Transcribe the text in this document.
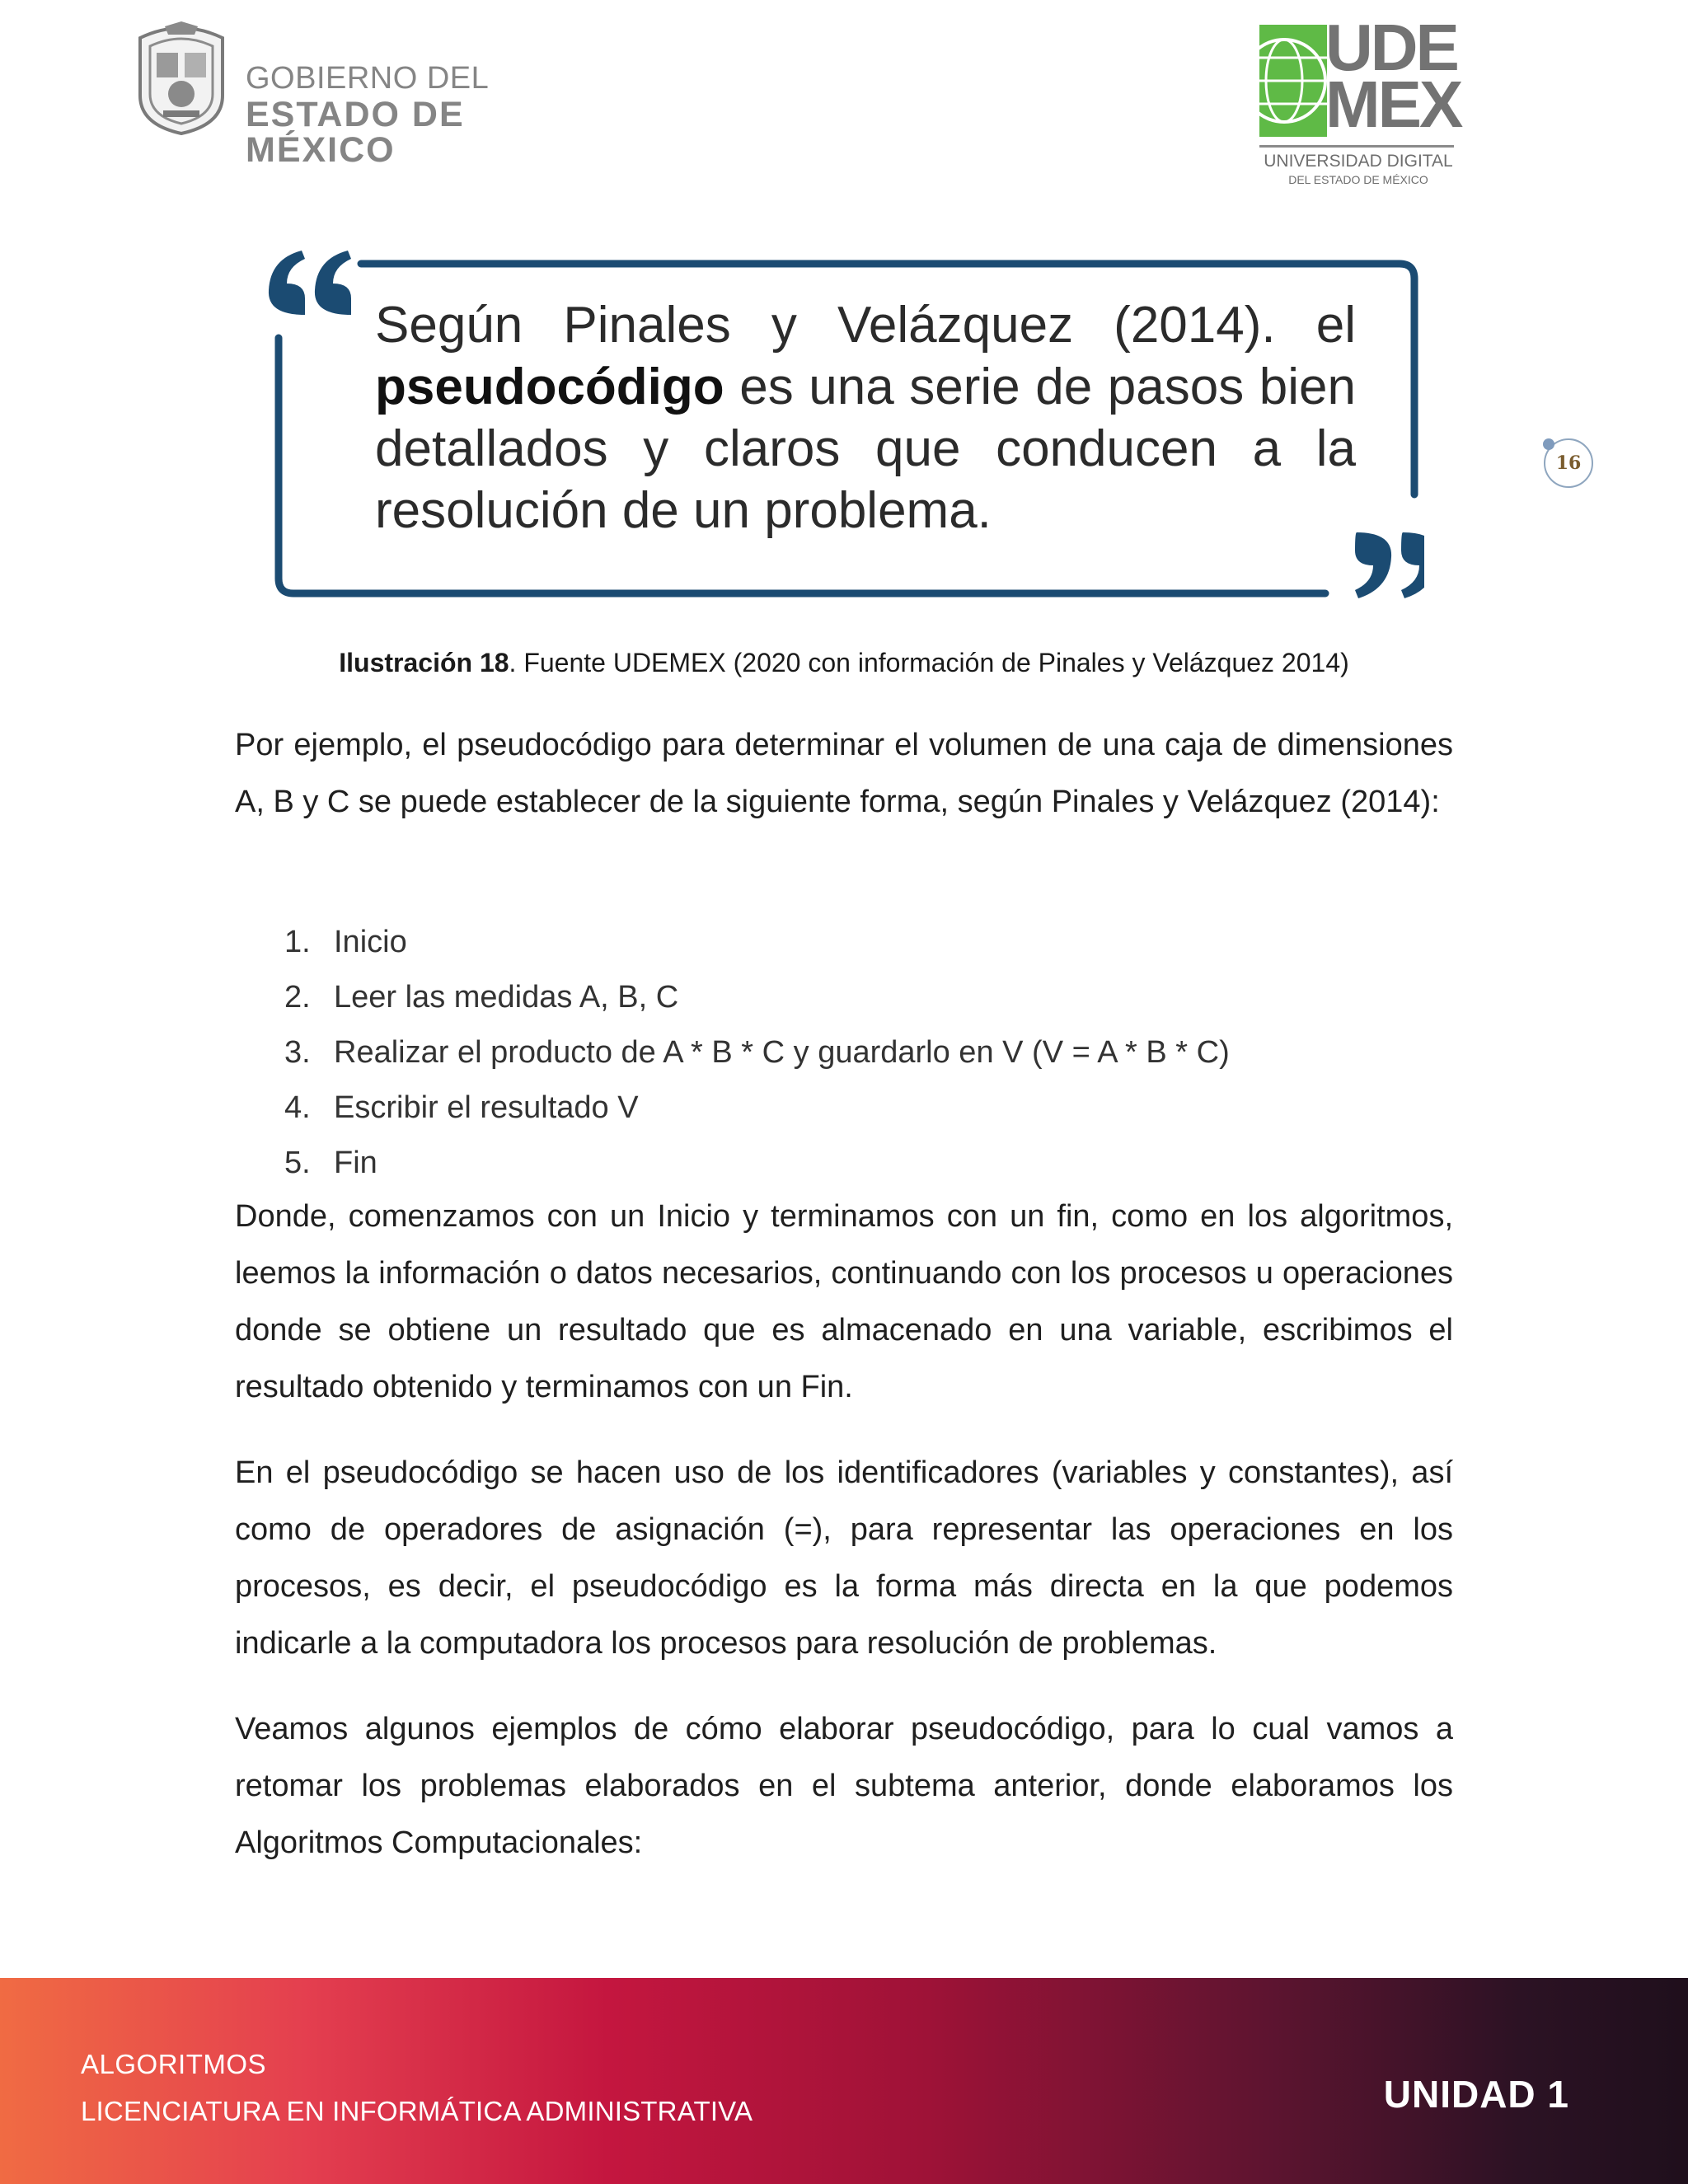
GOBIERNO DEL
ESTADO DE MÉXICO
UDE
MEX
UNIVERSIDAD DIGITAL
DEL ESTADO DE MÉXICO
Según Pinales y Velázquez (2014). el pseudocódigo es una serie de pasos bien detallados y claros que conducen a la resolución de un problema.
Ilustración 18. Fuente UDEMEX (2020 con información de Pinales y Velázquez 2014)
16

Por ejemplo, el pseudocódigo para determinar el volumen de una caja de dimensiones A, B y C se puede establecer de la siguiente forma, según Pinales y Velázquez (2014):

1. Inicio
2. Leer las medidas A, B, C
3. Realizar el producto de A * B * C y guardarlo en V (V = A * B * C)
4. Escribir el resultado V
5. Fin

Donde, comenzamos con un Inicio y terminamos con un fin, como en los algoritmos, leemos la información o datos necesarios, continuando con los procesos u operaciones donde se obtiene un resultado que es almacenado en una variable, escribimos el resultado obtenido y terminamos con un Fin.

En el pseudocódigo se hacen uso de los identificadores (variables y constantes), así como de operadores de asignación (=), para representar las operaciones en los procesos, es decir, el pseudocódigo es la forma más directa en la que podemos indicarle a la computadora los procesos para resolución de problemas.

Veamos algunos ejemplos de cómo elaborar pseudocódigo, para lo cual vamos a retomar los problemas elaborados en el subtema anterior, donde elaboramos los Algoritmos Computacionales:

ALGORITMOS
LICENCIATURA EN INFORMÁTICA ADMINISTRATIVA	UNIDAD 1
